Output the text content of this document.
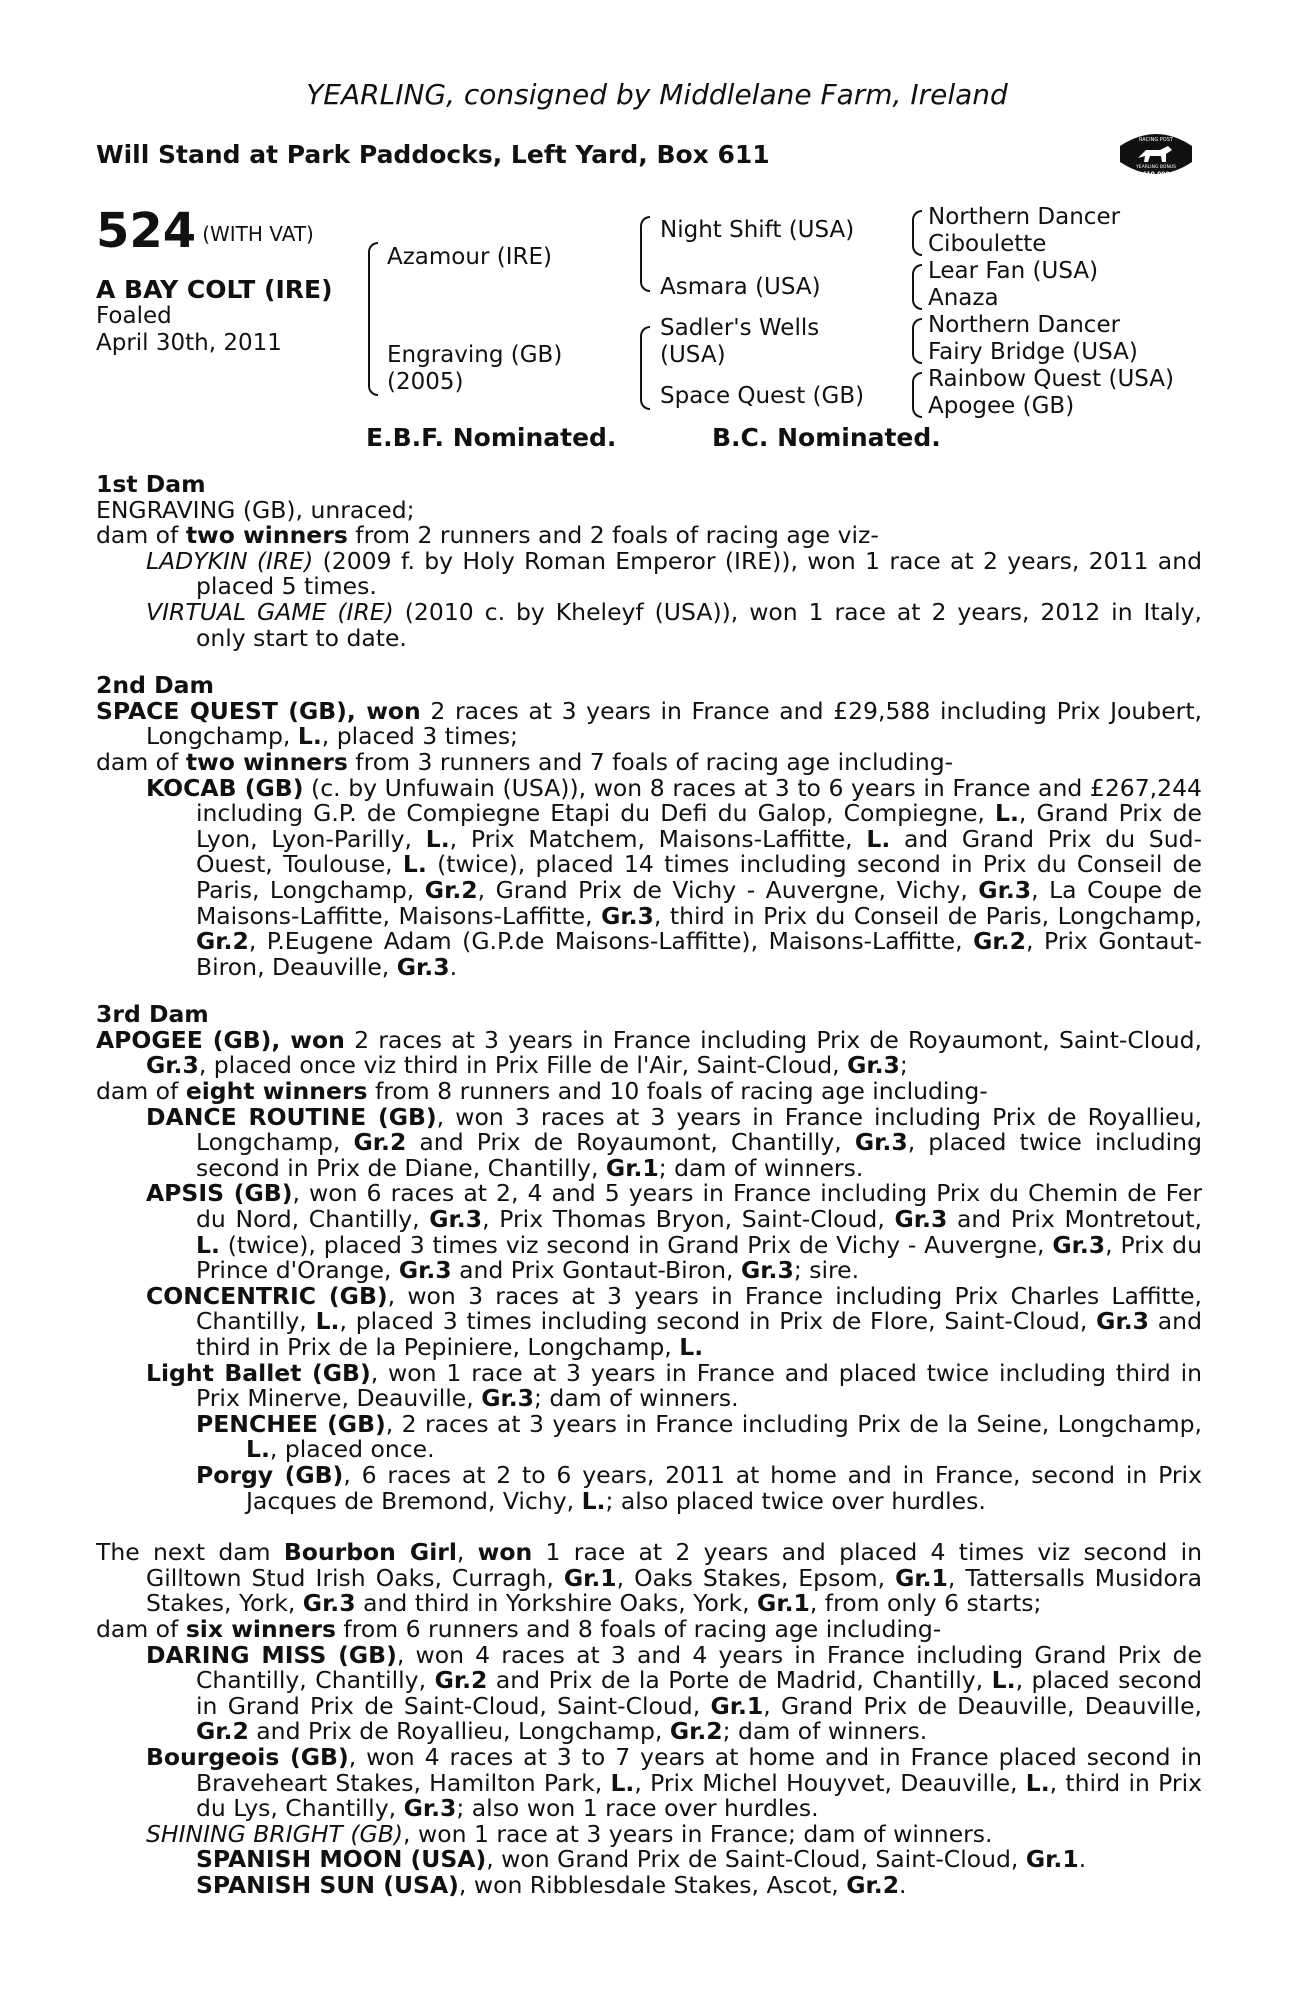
YEARLING, consigned by Middlelane Farm, Ireland
Will Stand at Park Paddocks, Left Yard, Box 611	RACING POST
YEARLING BONUS
£10,000
524 (WITH VAT)
A BAY COLT (IRE)
Foaled
April 30th, 2011
Azamour (IRE)
Engraving (GB)
(2005)
Night Shift (USA)
Asmara (USA)
Sadler's Wells
(USA)
Space Quest (GB)
Northern Dancer
Ciboulette
Lear Fan (USA)
Anaza
Northern Dancer
Fairy Bridge (USA)
Rainbow Quest (USA)
Apogee (GB)
E.B.F. Nominated.	B.C. Nominated.

1st Dam

ENGRAVING (GB), unraced;

dam of two winners from 2 runners and 2 foals of racing age viz-

LADYKIN (IRE) (2009 f. by Holy Roman Emperor (IRE)), won 1 race at 2 years, 2011 and placed 5 times.

VIRTUAL GAME (IRE) (2010 c. by Kheleyf (USA)), won 1 race at 2 years, 2012 in Italy, only start to date.

2nd Dam

SPACE QUEST (GB), won 2 races at 3 years in France and £29,588 including Prix Joubert, Longchamp, L., placed 3 times;

dam of two winners from 3 runners and 7 foals of racing age including-

KOCAB (GB) (c. by Unfuwain (USA)), won 8 races at 3 to 6 years in France and £267,244 including G.P. de Compiegne Etapi du Defi du Galop, Compiegne, L., Grand Prix de Lyon, Lyon-Parilly, L., Prix Matchem, Maisons-Laffitte, L. and Grand Prix du Sud-Ouest, Toulouse, L. (twice), placed 14 times including second in Prix du Conseil de Paris, Longchamp, Gr.2, Grand Prix de Vichy - Auvergne, Vichy, Gr.3, La Coupe de Maisons-Laffitte, Maisons-Laffitte, Gr.3, third in Prix du Conseil de Paris, Longchamp, Gr.2, P.Eugene Adam (G.P.de Maisons-Laffitte), Maisons-Laffitte, Gr.2, Prix Gontaut-Biron, Deauville, Gr.3.

3rd Dam

APOGEE (GB), won 2 races at 3 years in France including Prix de Royaumont, Saint-Cloud, Gr.3, placed once viz third in Prix Fille de l'Air, Saint-Cloud, Gr.3;

dam of eight winners from 8 runners and 10 foals of racing age including-

DANCE ROUTINE (GB), won 3 races at 3 years in France including Prix de Royallieu, Longchamp, Gr.2 and Prix de Royaumont, Chantilly, Gr.3, placed twice including second in Prix de Diane, Chantilly, Gr.1; dam of winners.

APSIS (GB), won 6 races at 2, 4 and 5 years in France including Prix du Chemin de Fer du Nord, Chantilly, Gr.3, Prix Thomas Bryon, Saint-Cloud, Gr.3 and Prix Montretout, L. (twice), placed 3 times viz second in Grand Prix de Vichy - Auvergne, Gr.3, Prix du Prince d'Orange, Gr.3 and Prix Gontaut-Biron, Gr.3; sire.

CONCENTRIC (GB), won 3 races at 3 years in France including Prix Charles Laffitte, Chantilly, L., placed 3 times including second in Prix de Flore, Saint-Cloud, Gr.3 and third in Prix de la Pepiniere, Longchamp, L.

Light Ballet (GB), won 1 race at 3 years in France and placed twice including third in Prix Minerve, Deauville, Gr.3; dam of winners.

PENCHEE (GB), 2 races at 3 years in France including Prix de la Seine, Longchamp, L., placed once.

Porgy (GB), 6 races at 2 to 6 years, 2011 at home and in France, second in Prix Jacques de Bremond, Vichy, L.; also placed twice over hurdles.

The next dam Bourbon Girl, won 1 race at 2 years and placed 4 times viz second in Gilltown Stud Irish Oaks, Curragh, Gr.1, Oaks Stakes, Epsom, Gr.1, Tattersalls Musidora Stakes, York, Gr.3 and third in Yorkshire Oaks, York, Gr.1, from only 6 starts;

dam of six winners from 6 runners and 8 foals of racing age including-

DARING MISS (GB), won 4 races at 3 and 4 years in France including Grand Prix de Chantilly, Chantilly, Gr.2 and Prix de la Porte de Madrid, Chantilly, L., placed second in Grand Prix de Saint-Cloud, Saint-Cloud, Gr.1, Grand Prix de Deauville, Deauville, Gr.2 and Prix de Royallieu, Longchamp, Gr.2; dam of winners.

Bourgeois (GB), won 4 races at 3 to 7 years at home and in France placed second in Braveheart Stakes, Hamilton Park, L., Prix Michel Houyvet, Deauville, L., third in Prix du Lys, Chantilly, Gr.3; also won 1 race over hurdles.

SHINING BRIGHT (GB), won 1 race at 3 years in France; dam of winners.

SPANISH MOON (USA), won Grand Prix de Saint-Cloud, Saint-Cloud, Gr.1.

SPANISH SUN (USA), won Ribblesdale Stakes, Ascot, Gr.2.
